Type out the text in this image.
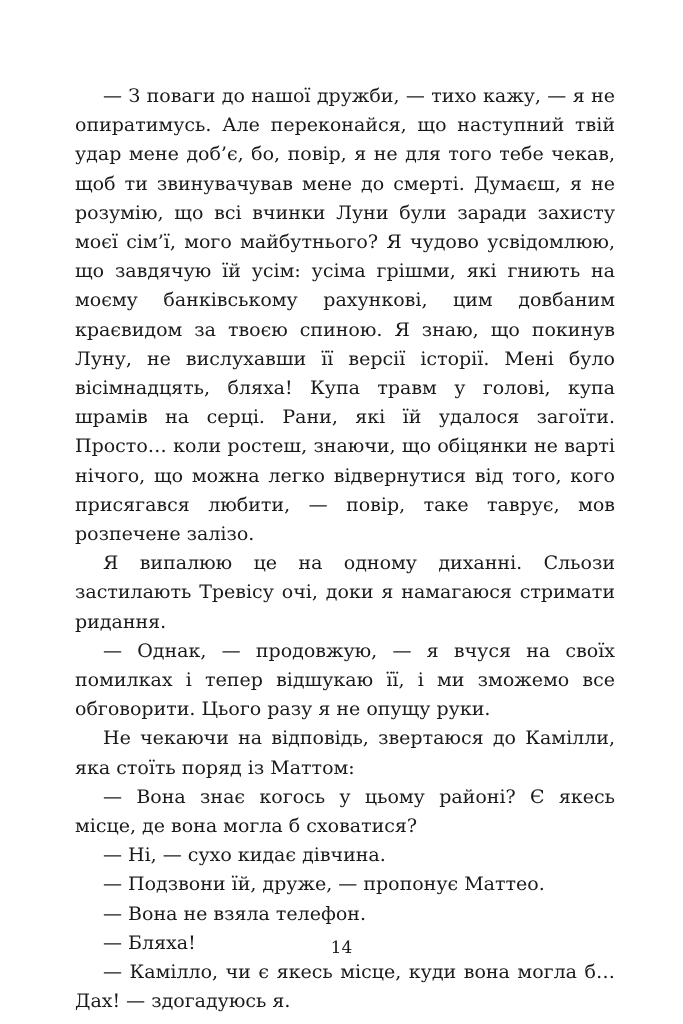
— З поваги до нашої дружби, — тихо кажу, — я не опиратимусь. Але переконайся, що наступний твій удар мене доб’є, бо, повір, я не для того тебе чекав, щоб ти звинувачував мене до смерті. Думаєш, я не розумію, що всі вчинки Луни були заради захисту моєї сім’ї, мого майбутнього? Я чудово усвідомлюю, що завдячую їй усім: усіма грішми, які гниють на моєму банківському рахункові, цим довбаним краєвидом за твоєю спиною. Я знаю, що покинув Луну, не вислухавши її версії історії. Мені було вісімнадцять, бляха! Купа травм у голові, купа шрамів на серці. Рани, які їй удалося загоїти. Просто… коли ростеш, знаючи, що обіцянки не варті нічого, що можна легко відвернутися від того, кого присягався любити, — повір, таке таврує, мов розпечене залізо.

Я випалюю це на одному диханні. Сльози застилають Тревісу очі, доки я намагаюся стримати ридання.

— Однак, — продовжую, — я вчуся на своїх помилках і тепер відшукаю її, і ми зможемо все обговорити. Цього разу я не опущу руки.

Не чекаючи на відповідь, звертаюся до Камілли, яка стоїть поряд із Маттом:

— Вона знає когось у цьому районі? Є якесь місце, де вона могла б сховатися?

— Ні, — сухо кидає дівчина.

— Подзвони їй, друже, — пропонує Маттео.

— Вона не взяла телефон.

— Бляха!

— Камілло, чи є якесь місце, куди вона могла б… Дах! — здогадуюсь я.

14
